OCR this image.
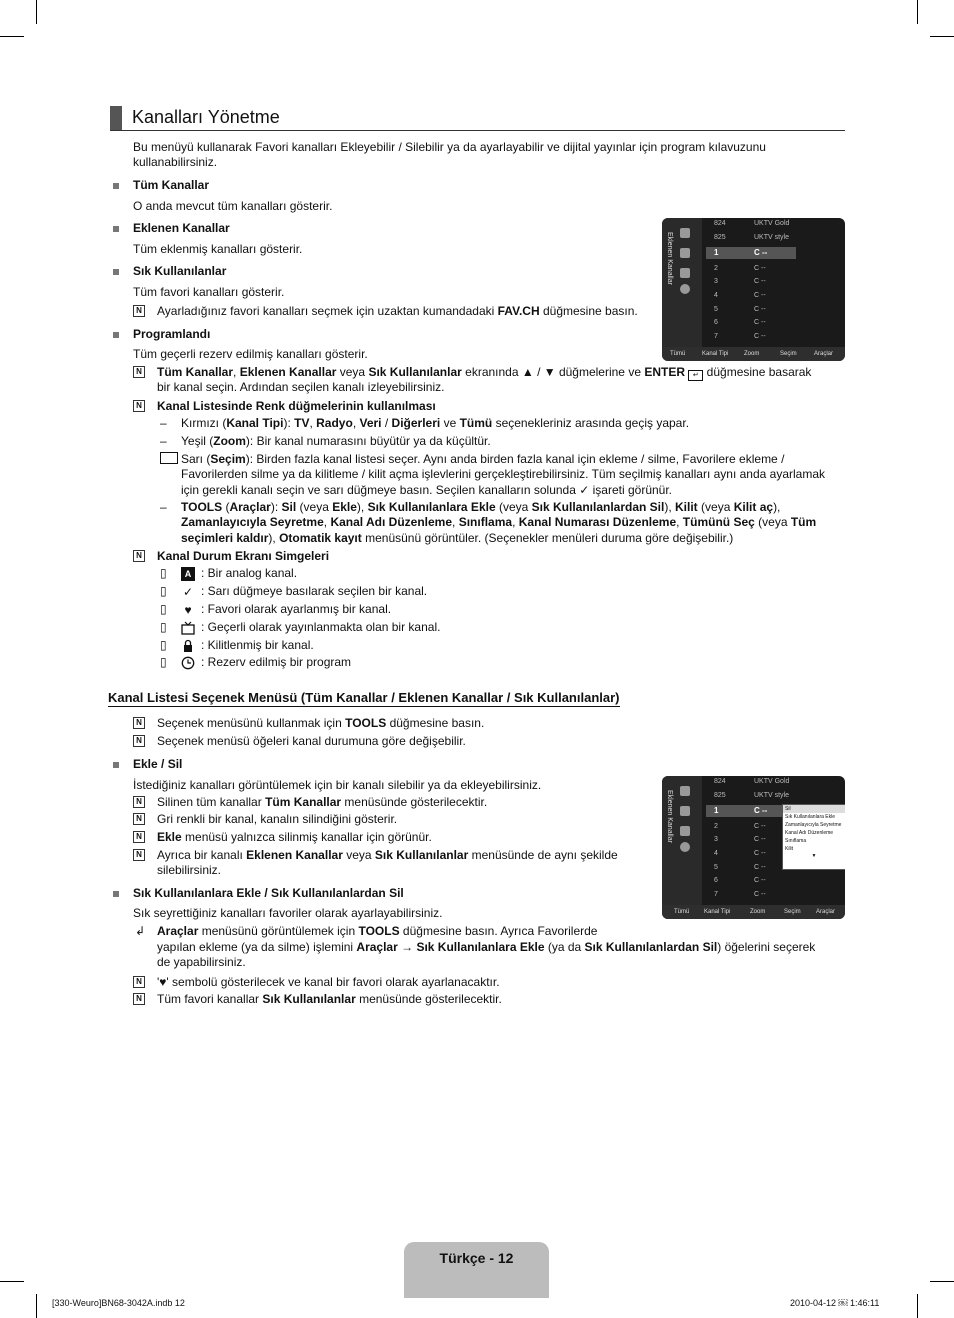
Kanalları Yönetme
Bu menüyü kullanarak Favori kanalları Ekleyebilir / Silebilir ya da ayarlayabilir ve dijital yayınlar için program kılavuzunu kullanabilirsiniz.
Tüm Kanallar
O anda mevcut tüm kanalları gösterir.
Eklenen Kanallar
Tüm eklenmiş kanalları gösterir.
Sık Kullanılanlar
Tüm favori kanalları gösterir.
N Ayarladığınız favori kanalları seçmek için uzaktan kumandadaki FAV.CH düğmesine basın.
Programlandı
Tüm geçerli rezerv edilmiş kanalları gösterir.
N Tüm Kanallar, Eklenen Kanallar veya Sık Kullanılanlar ekranında ▲ / ▼ düğmelerine ve ENTER ↵ düğmesine basarak
bir kanal seçin. Ardından seçilen kanalı izleyebilirsiniz.
N Kanal Listesinde Renk düğmelerinin kullanılması
– Kırmızı (Kanal Tipi): TV, Radyo, Veri / Diğerleri ve Tümü seçenekleriniz arasında geçiş yapar.
– Yeşil (Zoom): Bir kanal numarasını büyütür ya da küçültür.
Sarı (Seçim): Birden fazla kanal listesi seçer. Aynı anda birden fazla kanal için ekleme / silme, Favorilere ekleme /
Favorilerden silme ya da kilitleme / kilit açma işlevlerini gerçekleştirebilirsiniz. Tüm seçilmiş kanalları aynı anda ayarlamak
için gerekli kanalı seçin ve sarı düğmeye basın. Seçilen kanalların solunda ✓ işareti görünür.
– TOOLS (Araçlar): Sil (veya Ekle), Sık Kullanılanlara Ekle (veya Sık Kullanılanlardan Sil), Kilit (veya Kilit aç),
Zamanlayıcıyla Seyretme, Kanal Adı Düzenleme, Sınıflama, Kanal Numarası Düzenleme, Tümünü Seç (veya Tüm
seçimleri kaldır), Otomatik kayıt menüsünü görüntüler. (Seçenekler menüleri duruma göre değişebilir.)
N Kanal Durum Ekranı Simgeleri
▯	A : Bir analog kanal.
▯ ✓ : Sarı düğmeye basılarak seçilen bir kanal.
▯ ♥ : Favori olarak ayarlanmış bir kanal.
▯	: Geçerli olarak yayınlanmakta olan bir kanal.
▯	: Kilitlenmiş bir kanal.
▯	: Rezerv edilmiş bir program
Kanal Listesi Seçenek Menüsü (Tüm Kanallar / Eklenen Kanallar / Sık Kullanılanlar)
N Seçenek menüsünü kullanmak için TOOLS düğmesine basın.
N Seçenek menüsü öğeleri kanal durumuna göre değişebilir.
Ekle / Sil
İstediğiniz kanalları görüntülemek için bir kanalı silebilir ya da ekleyebilirsiniz.
N Silinen tüm kanallar Tüm Kanallar menüsünde gösterilecektir.
N Gri renkli bir kanal, kanalın silindiğini gösterir.
N Ekle menüsü yalnızca silinmiş kanallar için görünür.
N Ayrıca bir kanalı Eklenen Kanallar veya Sık Kullanılanlar menüsünde de aynı şekilde
silebilirsiniz.
Sık Kullanılanlara Ekle / Sık Kullanılanlardan Sil
Sık seyrettiğiniz kanalları favoriler olarak ayarlayabilirsiniz.
↲ Araçlar menüsünü görüntülemek için TOOLS düğmesine basın. Ayrıca Favorilerde
yapılan ekleme (ya da silme) işlemini Araçlar → Sık Kullanılanlara Ekle (ya da Sık Kullanılanlardan Sil) öğelerini seçerek
de yapabilirsiniz.
N '♥' sembolü gösterilecek ve kanal bir favori olarak ayarlanacaktır.
N Tüm favori kanallar Sık Kullanılanlar menüsünde gösterilecektir.
Eklenen Kanallar
824	UKTV Gold
825	UKTV style
1	C --
2	C --
3	C --
4	C --
5	C --
6	C --
7	C --
Tümü	Kanal Tipi	Zoom	Seçim	Araçlar
Eklenen Kanallar
824	UKTV Gold
825	UKTV style
1	C --
2	C --
3	C --
4	C --
5	C --
6	C --
7	C --
Sil
Sık Kullanılanlara Ekle
Zamanlayıcıyla Seyretme
Kanal Adı Düzenleme
Sınıflama
Kilit
▼
Tümü Kanal Tipi	Zoom	Seçim	Araçlar
Türkçe - 12
[330-Weuro]BN68-3042A.indb 12	2010-04-12 ￼ 1:46:11
